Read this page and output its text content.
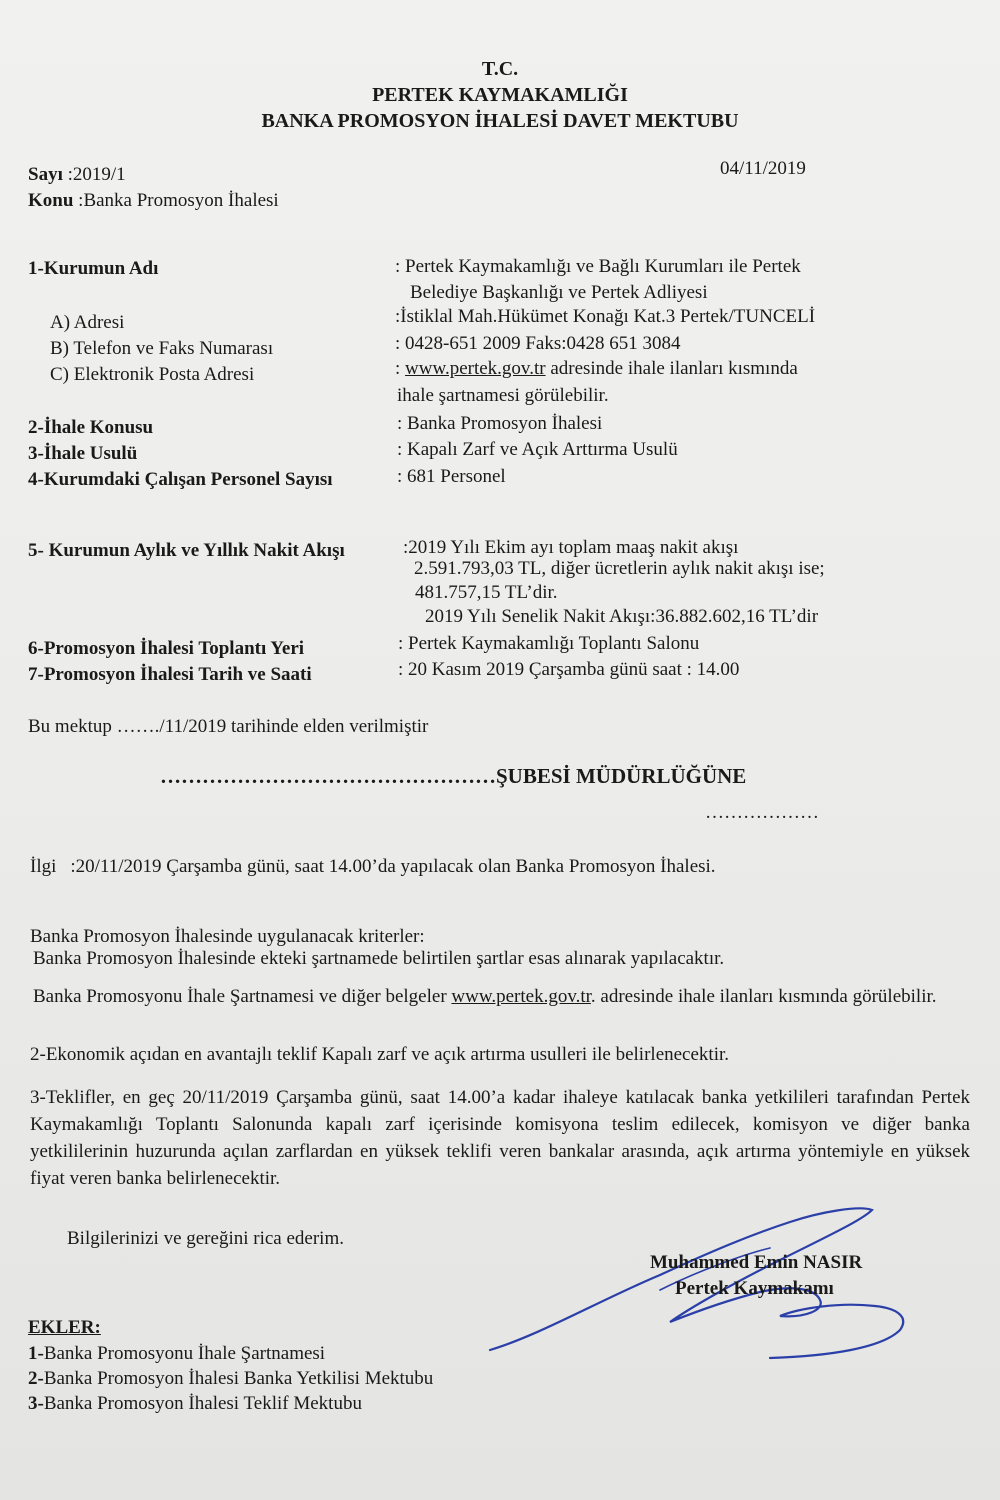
T.C.
PERTEK KAYMAKAMLIĞI
BANKA PROMOSYON İHALESİ DAVET MEKTUBU
Sayı :2019/1	04/11/2019
Konu :Banka Promosyon İhalesi
1-Kurumun Adı	: Pertek Kaymakamlığı ve Bağlı Kurumları ile Pertek
Belediye Başkanlığı ve Pertek Adliyesi
A) Adresi	:İstiklal Mah.Hükümet Konağı Kat.3 Pertek/TUNCELİ
B) Telefon ve Faks Numarası	: 0428-651 2009 Faks:0428 651 3084
C) Elektronik Posta Adresi	: www.pertek.gov.tr adresinde ihale ilanları kısmında
ihale şartnamesi görülebilir.
2-İhale Konusu	: Banka Promosyon İhalesi
3-İhale Usulü	: Kapalı Zarf ve Açık Arttırma Usulü
4-Kurumdaki Çalışan Personel Sayısı	: 681 Personel
5- Kurumun Aylık ve Yıllık Nakit Akışı	:2019 Yılı Ekim ayı toplam maaş nakit akışı
2.591.793,03 TL, diğer ücretlerin aylık nakit akışı ise;
481.757,15 TL’dir.
2019 Yılı Senelik Nakit Akışı:36.882.602,16 TL’dir
6-Promosyon İhalesi Toplantı Yeri	: Pertek Kaymakamlığı Toplantı Salonu
7-Promosyon İhalesi Tarih ve Saati	: 20 Kasım 2019 Çarşamba günü saat : 14.00
Bu mektup ……./11/2019 tarihinde elden verilmiştir
…………………………………………ŞUBESİ MÜDÜRLÜĞÜNE
………………
İlgi :20/11/2019 Çarşamba günü, saat 14.00’da yapılacak olan Banka Promosyon İhalesi.
Banka Promosyon İhalesinde uygulanacak kriterler:
Banka Promosyon İhalesinde ekteki şartnamede belirtilen şartlar esas alınarak yapılacaktır.
Banka Promosyonu İhale Şartnamesi ve diğer belgeler www.pertek.gov.tr. adresinde ihale ilanları kısmında görülebilir.
2-Ekonomik açıdan en avantajlı teklif Kapalı zarf ve açık artırma usulleri ile belirlenecektir.
3-Teklifler, en geç 20/11/2019 Çarşamba günü, saat 14.00’a kadar ihaleye katılacak banka yetkilileri tarafından Pertek Kaymakamlığı Toplantı Salonunda kapalı zarf içerisinde komisyona teslim edilecek, komisyon ve diğer banka yetkililerinin huzurunda açılan zarflardan en yüksek teklifi veren bankalar arasında, açık artırma yöntemiyle en yüksek fiyat veren banka belirlenecektir.
Bilgilerinizi ve gereğini rica ederim.
Muhammed Emin NASIR
Pertek Kaymakamı
EKLER:
1-Banka Promosyonu İhale Şartnamesi
2-Banka Promosyon İhalesi Banka Yetkilisi Mektubu
3-Banka Promosyon İhalesi Teklif Mektubu
